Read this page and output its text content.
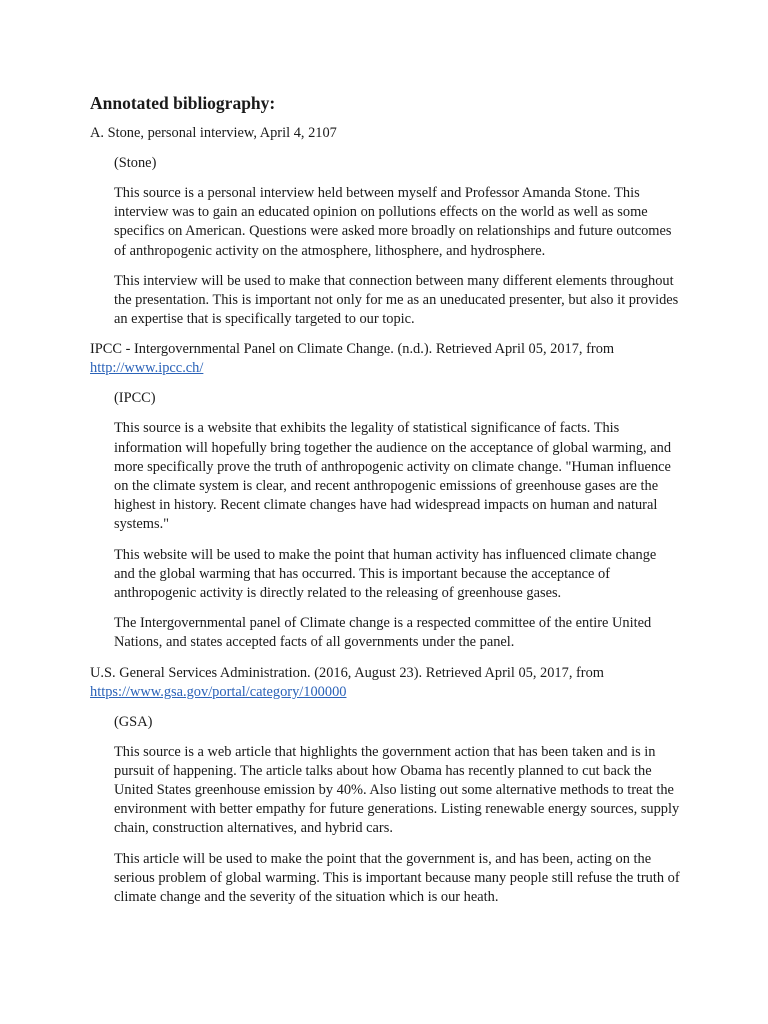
Annotated bibliography:
A. Stone, personal interview, April 4, 2107
(Stone)
This source is a personal interview held between myself and Professor Amanda Stone. This interview was to gain an educated opinion on pollutions effects on the world as well as some specifics on American. Questions were asked more broadly on relationships and future outcomes of anthropogenic activity on the atmosphere, lithosphere, and hydrosphere.
This interview will be used to make that connection between many different elements throughout the presentation. This is important not only for me as an uneducated presenter, but also it provides an expertise that is specifically targeted to our topic.
IPCC - Intergovernmental Panel on Climate Change. (n.d.). Retrieved April 05, 2017, from
http://www.ipcc.ch/
(IPCC)
This source is a website that exhibits the legality of statistical significance of facts. This information will hopefully bring together the audience on the acceptance of global warming, and more specifically prove the truth of anthropogenic activity on climate change. "Human influence on the climate system is clear, and recent anthropogenic emissions of greenhouse gases are the highest in history. Recent climate changes have had widespread impacts on human and natural systems."
This website will be used to make the point that human activity has influenced climate change and the global warming that has occurred. This is important because the acceptance of anthropogenic activity is directly related to the releasing of greenhouse gases.
The Intergovernmental panel of Climate change is a respected committee of the entire United Nations, and states accepted facts of all governments under the panel.
U.S. General Services Administration. (2016, August 23). Retrieved April 05, 2017, from
https://www.gsa.gov/portal/category/100000
(GSA)
This source is a web article that highlights the government action that has been taken and is in pursuit of happening. The article talks about how Obama has recently planned to cut back the United States greenhouse emission by 40%. Also listing out some alternative methods to treat the environment with better empathy for future generations. Listing renewable energy sources, supply chain, construction alternatives, and hybrid cars.
This article will be used to make the point that the government is, and has been, acting on the serious problem of global warming. This is important because many people still refuse the truth of climate change and the severity of the situation which is our heath.
